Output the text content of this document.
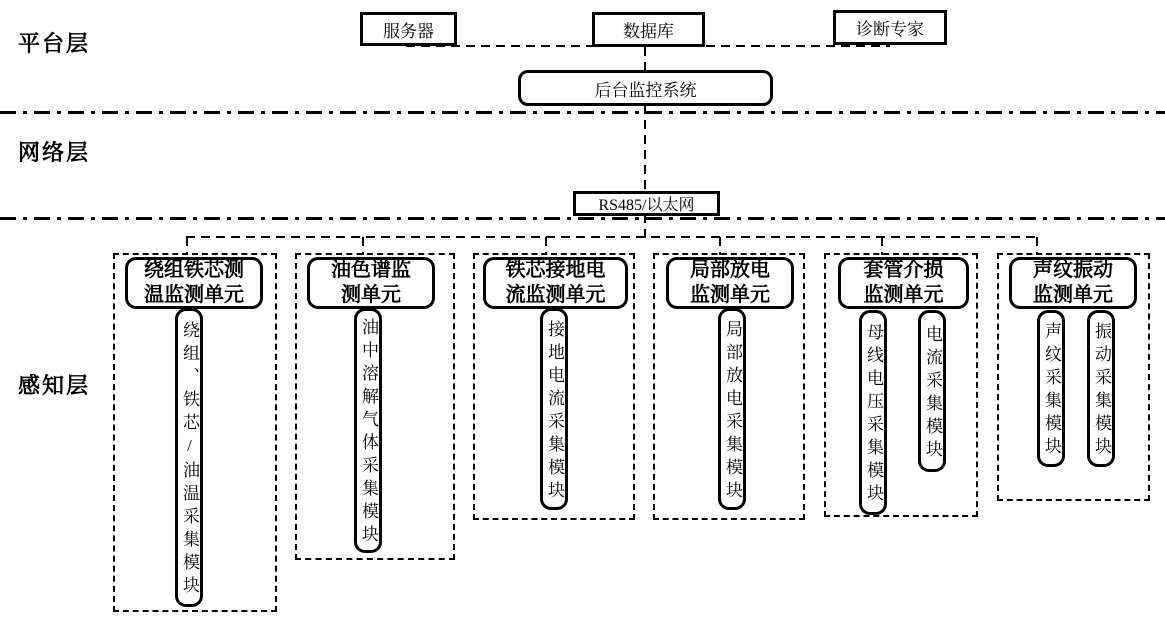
平台层
网络层
感知层
服务器	数据库	诊断专家
后台监控系统
RS485/以太网
绕组铁芯测
温监测单元
绕组、铁芯/油温采集模块
油色谱监
测单元
油中溶解气体采集模块
铁芯接地电
流监测单元
接地电流采集模块
局部放电
监测单元
局部放电采集模块
套管介损
监测单元
母线电压采集模块 电流采集模块
声纹振动
监测单元
声纹采集模块 振动采集模块
